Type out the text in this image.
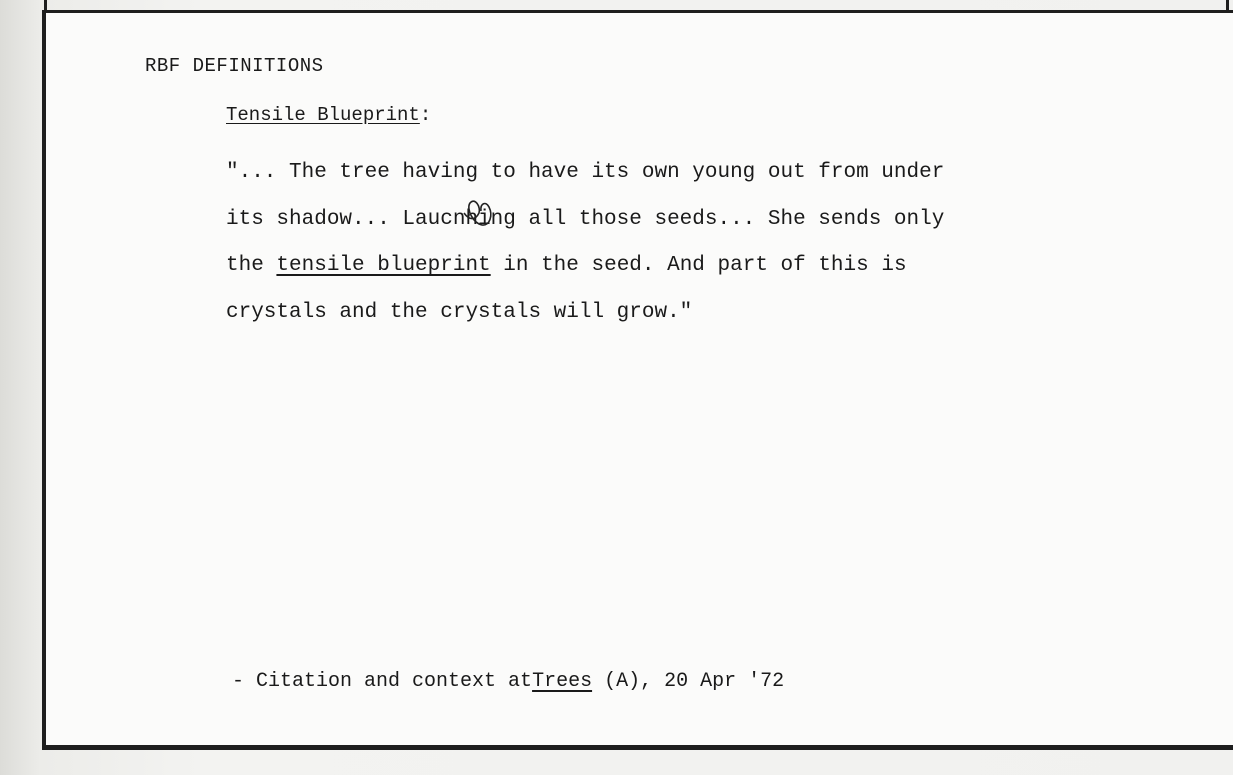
RBF DEFINITIONS
Tensile Blueprint:
"... The tree having to have its own young out from under
its shadow... Laucnhing all those seeds... She sends only
the tensile blueprint in the seed. And part of this is
crystals and the crystals will grow."
- Citation and context atTrees (A), 20 Apr '72
